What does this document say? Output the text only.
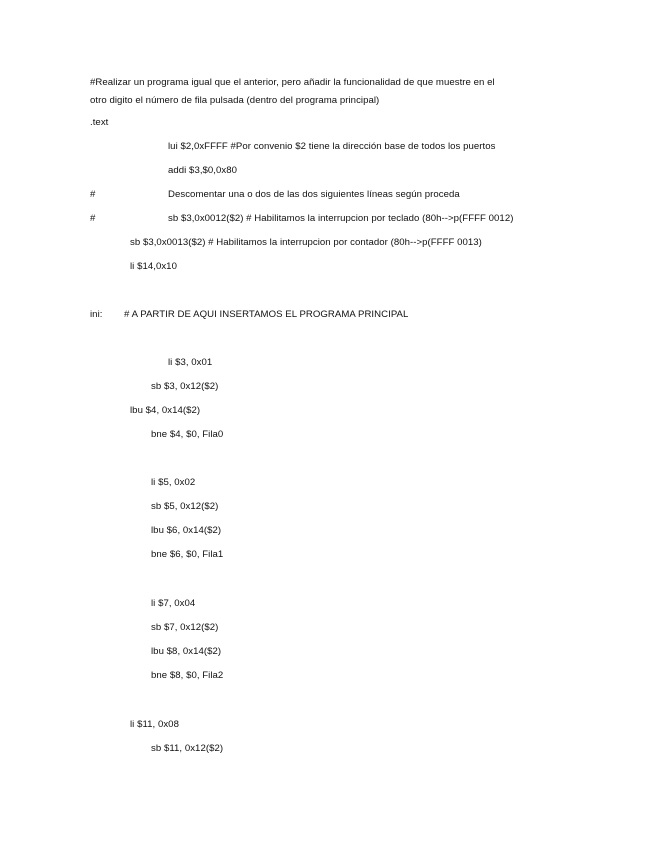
#Realizar un programa igual que el anterior, pero añadir la funcionalidad de que muestre en el
otro digito el número de fila pulsada (dentro del programa principal)
.text
lui $2,0xFFFF #Por convenio $2 tiene la dirección base de todos los puertos
addi $3,$0,0x80
#	Descomentar una o dos de las dos siguientes líneas según proceda
#	sb $3,0x0012($2) # Habilitamos la interrupcion por teclado (80h-->p(FFFF 0012)
sb $3,0x0013($2) # Habilitamos la interrupcion por contador (80h-->p(FFFF 0013)
li $14,0x10
ini: # A PARTIR DE AQUI INSERTAMOS EL PROGRAMA PRINCIPAL
li $3, 0x01
sb $3, 0x12($2)
lbu $4, 0x14($2)
bne $4, $0, Fila0
li $5, 0x02
sb $5, 0x12($2)
lbu $6, 0x14($2)
bne $6, $0, Fila1
li $7, 0x04
sb $7, 0x12($2)
lbu $8, 0x14($2)
bne $8, $0, Fila2
li $11, 0x08
sb $11, 0x12($2)
